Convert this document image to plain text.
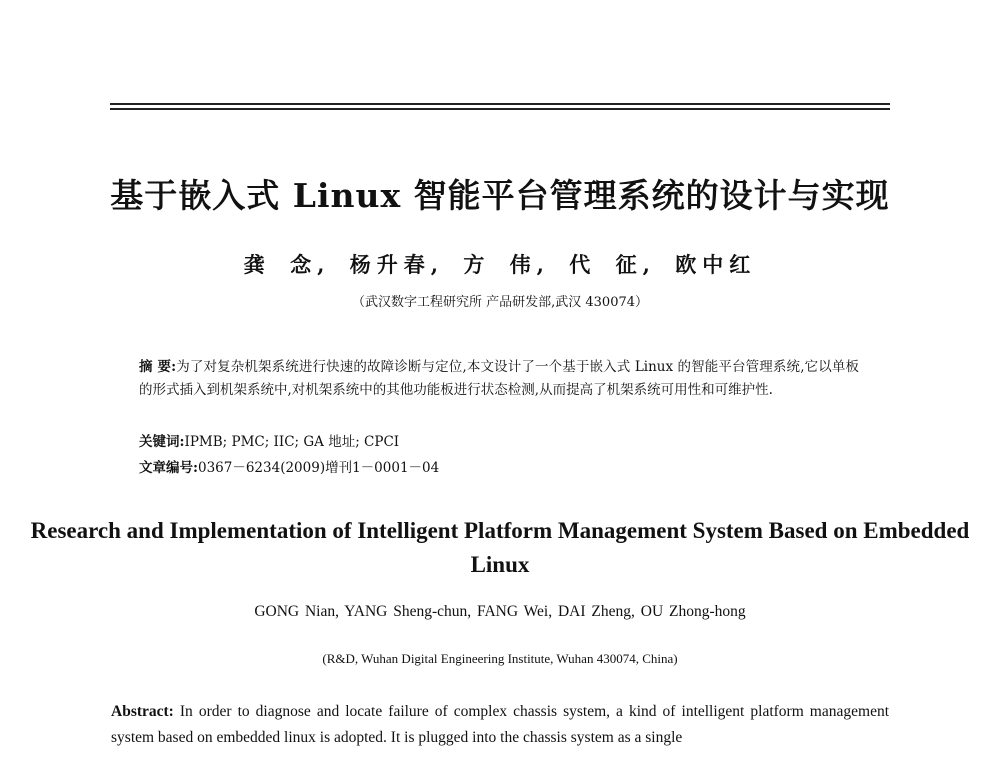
基于嵌入式 Linux 智能平台管理系统的设计与实现
龚 念, 杨升春, 方 伟, 代 征, 欧中红
（武汉数字工程研究所 产品研发部,武汉 430074）
摘 要:为了对复杂机架系统进行快速的故障诊断与定位,本文设计了一个基于嵌入式 Linux 的智能平台管理系统,它以单板的形式插入到机架系统中,对机架系统中的其他功能板进行状态检测,从而提高了机架系统可用性和可维护性.
关键词:IPMB; PMC; IIC; GA 地址; CPCI
文章编号:0367－6234(2009)增刊1－0001－04
Research and Implementation of Intelligent Platform Management System Based on Embedded Linux
GONG Nian, YANG Sheng-chun, FANG Wei, DAI Zheng, OU Zhong-hong
(R&D, Wuhan Digital Engineering Institute, Wuhan 430074, China)
Abstract: In order to diagnose and locate failure of complex chassis system, a kind of intelligent platform management system based on embedded linux is adopted. It is plugged into the chassis system as a single
